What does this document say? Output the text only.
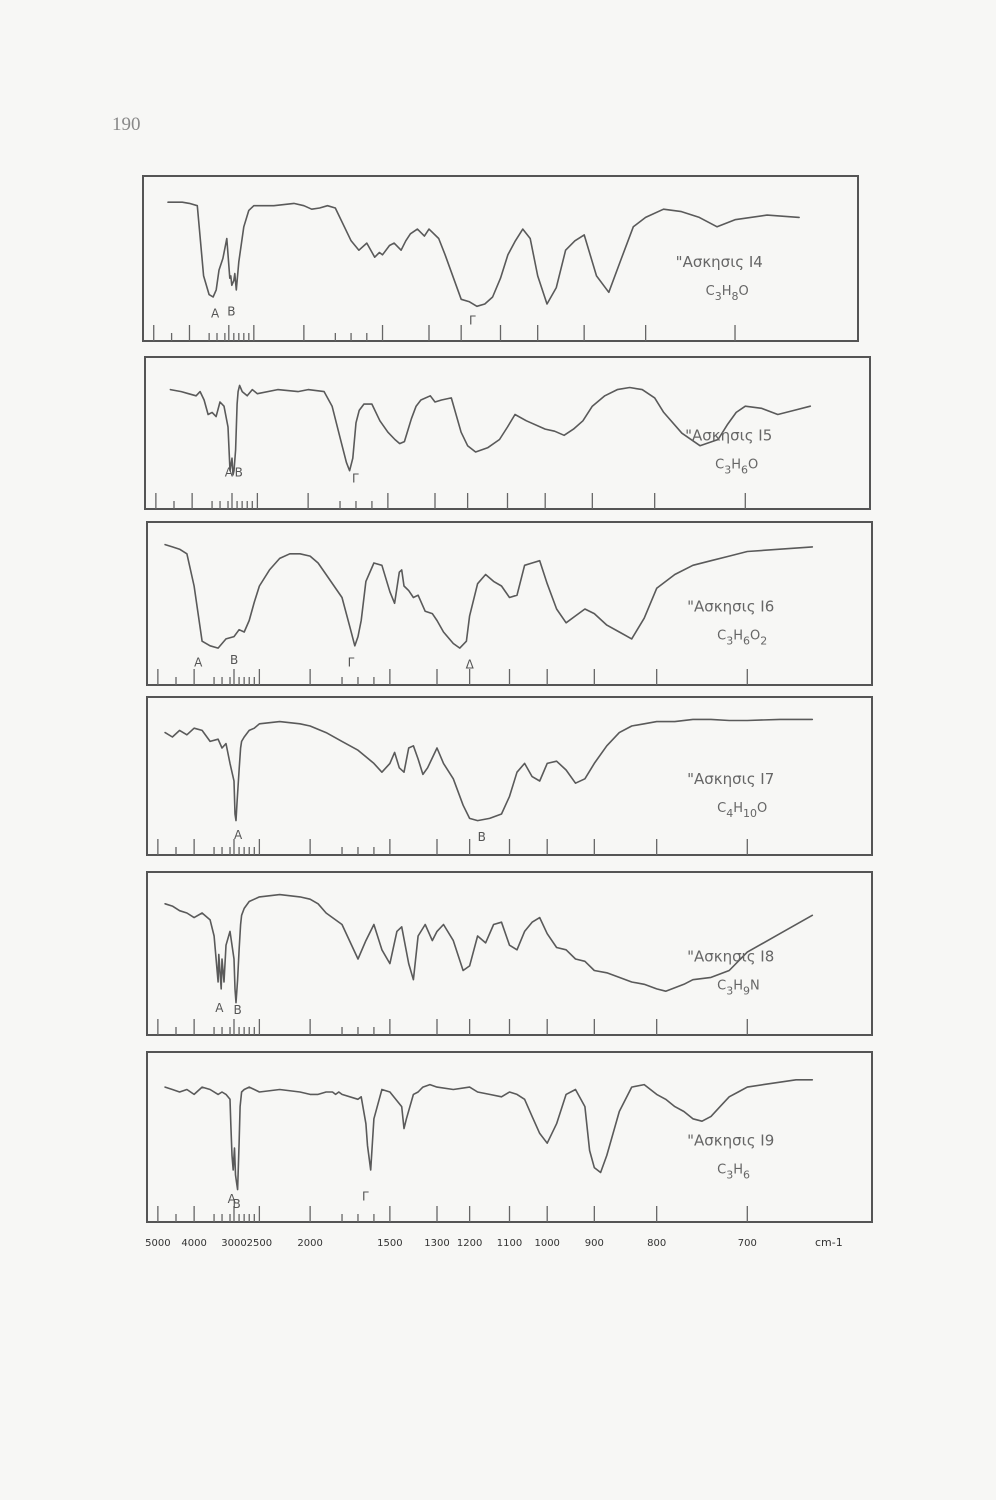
190
A B
Γ
"Ασκησις Ι4
$C_3H_8O$
A B	Γ
"Ασκησις Ι5
$C_3H_6O$
A B	Γ	Δ
"Ασκησις Ι6
$C_3H_6O_2$
A	B
"Ασκησις Ι7
$C_4H_{10}O$
A B
"Ασκησις Ι8
$C_3H_9N$
A
B
Γ
"Ασκησις Ι9
$C_3H_6$
5000 4000 3000 2500	2000	1500 1300 1200 1100 1000 900	800	700	cm-1
